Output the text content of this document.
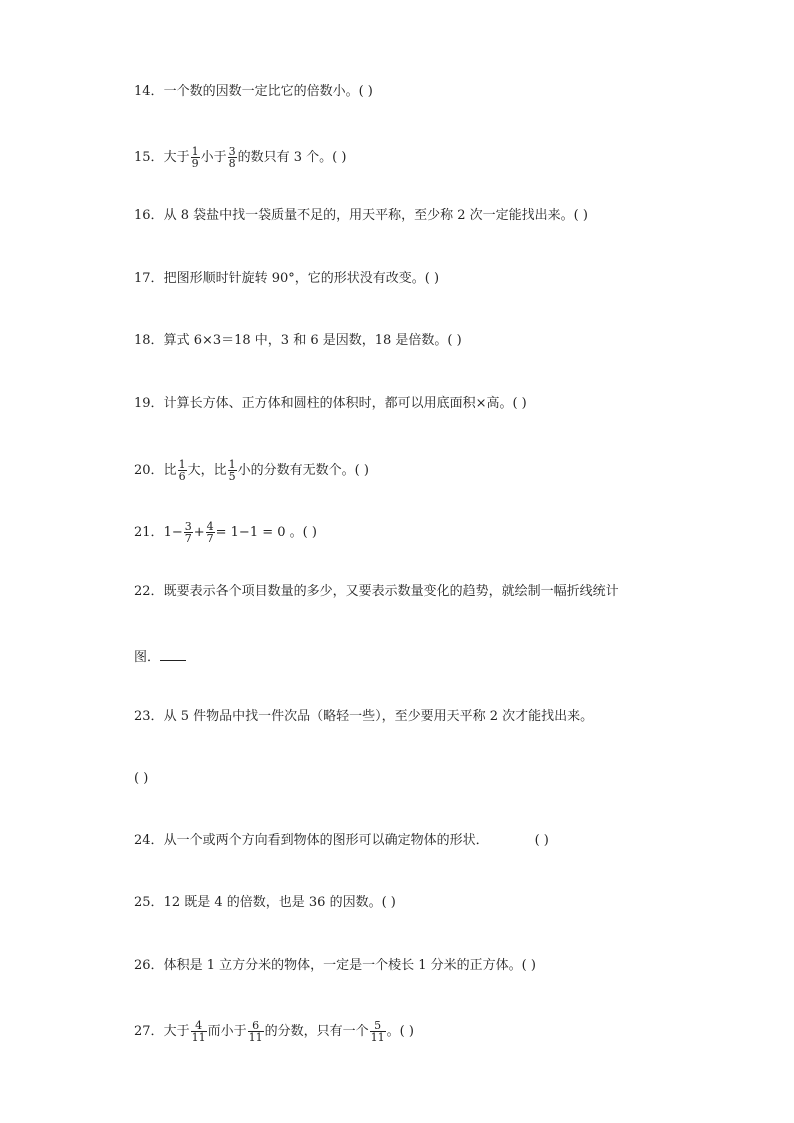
14．一个数的因数一定比它的倍数小。( )
15．大于 $\frac{1}{9}$ 小于 $\frac{3}{8}$ 的数只有 3 个。( )
16．从 8 袋盐中找一袋质量不足的，用天平称，至少称 2 次一定能找出来。( )
17．把图形顺时针旋转 90°，它的形状没有改变。( )
18．算式 6×3＝18 中，3 和 6 是因数，18 是倍数。( )
19．计算长方体、正方体和圆柱的体积时，都可以用底面积×高。( )
20．比 $\frac{1}{6}$ 大，比 $\frac{1}{5}$ 小的分数有无数个。( )
21．$1- \frac{3}{7} + \frac{4}{7} = 1-1 = 0$ 。( )
22．既要表示各个项目数量的多少，又要表示数量变化的趋势，就绘制一幅折线统计
图．
23．从 5 件物品中找一件次品（略轻一些），至少要用天平称 2 次才能找出来。
( )
24．从一个或两个方向看到物体的图形可以确定物体的形状．	( )
25．12 既是 4 的倍数，也是 36 的因数。( )
26．体积是 1 立方分米的物体，一定是一个棱长 1 分米的正方体。( )
27．大于 $\frac{4}{11}$ 而小于 $\frac{6}{11}$ 的分数，只有一个 $\frac{5}{11}$ 。( )
